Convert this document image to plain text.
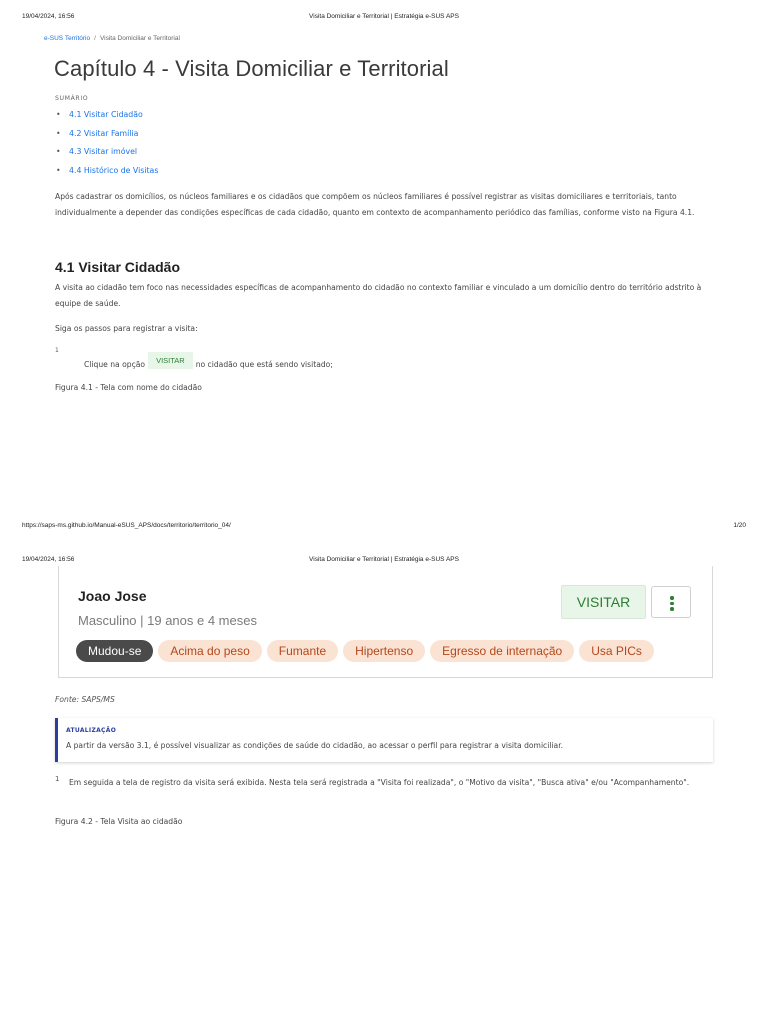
19/04/2024, 16:56	Visita Domiciliar e Territorial | Estratégia e-SUS APS
e-SUS Território / Visita Domiciliar e Territorial
Capítulo 4 - Visita Domiciliar e Territorial
SUMÁRIO
• 4.1 Visitar Cidadão
• 4.2 Visitar Família
• 4.3 Visitar imóvel
• 4.4 Histórico de Visitas

Após cadastrar os domicílios, os núcleos familiares e os cidadãos que compõem os núcleos familiares é possível registrar as visitas domiciliares e territoriais, tanto individualmente a depender das condições específicas de cada cidadão, quanto em contexto de acompanhamento periódico das famílias, conforme visto na Figura 4.1.

4.1 Visitar Cidadão

A visita ao cidadão tem foco nas necessidades específicas de acompanhamento do cidadão no contexto familiar e vinculado a um domicílio dentro do território adstrito à equipe de saúde.

Siga os passos para registrar a visita:

1
Clique na opção VISITAR no cidadão que está sendo visitado;
Figura 4.1 - Tela com nome do cidadão
https://saps-ms.github.io/Manual-eSUS_APS/docs/territorio/territorio_04/	1/20
19/04/2024, 16:56	Visita Domiciliar e Territorial | Estratégia e-SUS APS
Joao Jose
Masculino | 19 anos e 4 meses
VISITAR
Mudou-se Acima do peso Fumante Hipertenso Egresso de internação Usa PICs
Fonte: SAPS/MS
ATUALIZAÇÃO
A partir da versão 3.1, é possível visualizar as condições de saúde do cidadão, ao acessar o perfil para registrar a visita domiciliar.
1 Em seguida a tela de registro da visita será exibida. Nesta tela será registrada a "Visita foi realizada", o "Motivo da visita", "Busca ativa" e/ou "Acompanhamento".
Figura 4.2 - Tela Visita ao cidadão
